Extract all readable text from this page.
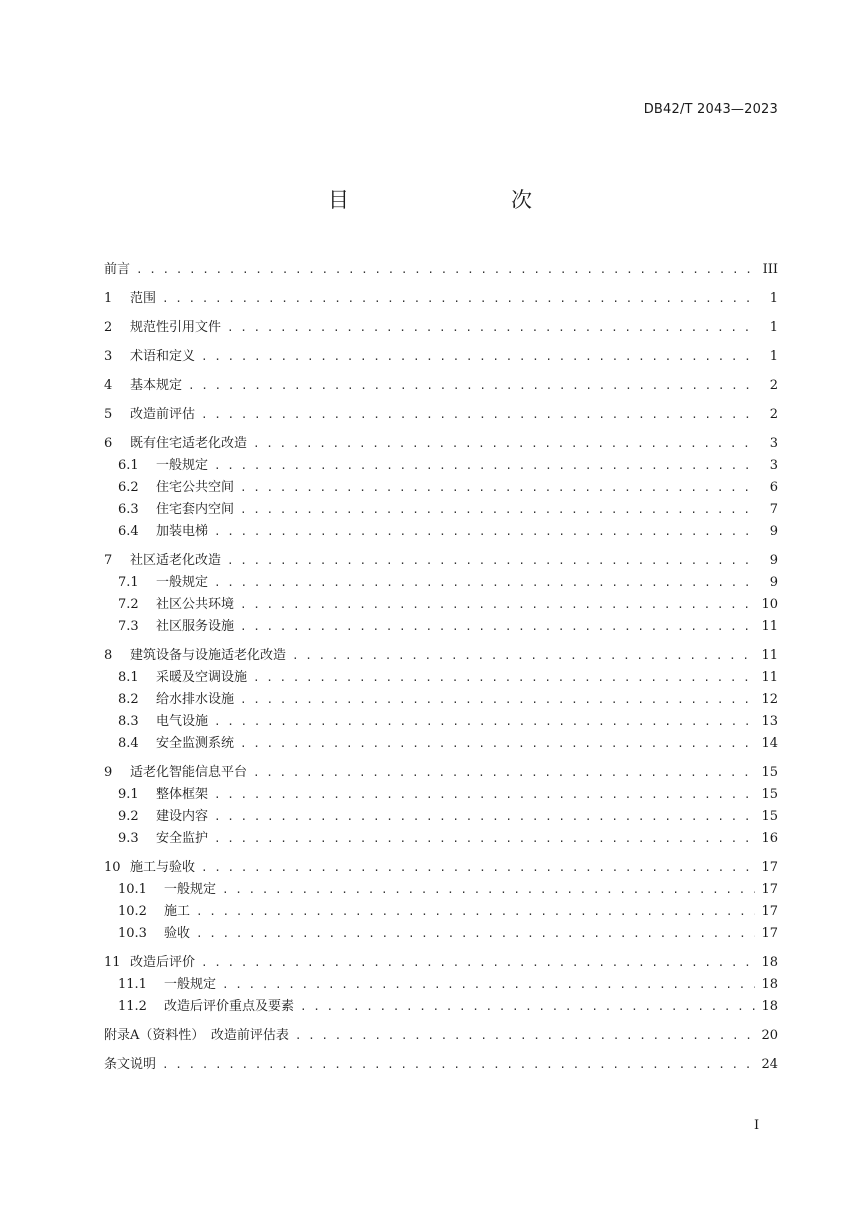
DB42/T 2043—2023
目　　次
前言 . . .	III
1	范围 . . .	1
2	规范性引用文件 . . .	1
3	术语和定义 . . .	1
4	基本规定 . . .	2
5	改造前评估 . . .	2
6	既有住宅适老化改造 . . .	3
6.1	一般规定 . . .	3
6.2	住宅公共空间 . . .	6
6.3	住宅套内空间 . . .	7
6.4	加装电梯 . . .	9
7	社区适老化改造 . . .	9
7.1	一般规定 . . .	9
7.2	社区公共环境 . . .	10
7.3	社区服务设施 . . .	11
8	建筑设备与设施适老化改造 . . .	11
8.1	采暖及空调设施 . . .	11
8.2	给水排水设施 . . .	12
8.3	电气设施 . . .	13
8.4	安全监测系统 . . .	14
9	适老化智能信息平台 . . .	15
9.1	整体框架 . . .	15
9.2	建设内容 . . .	15
9.3	安全监护 . . .	16
10 施工与验收 . . .	17
10.1	一般规定 . . .	17
10.2	施工 . . .	17
10.3	验收 . . .	17
11 改造后评价 . . .	18
11.1	一般规定 . . .	18
11.2	改造后评价重点及要素 . . .	18
附录A（资料性）　改造前评估表 . . .	20
条文说明 . . .	24
I
